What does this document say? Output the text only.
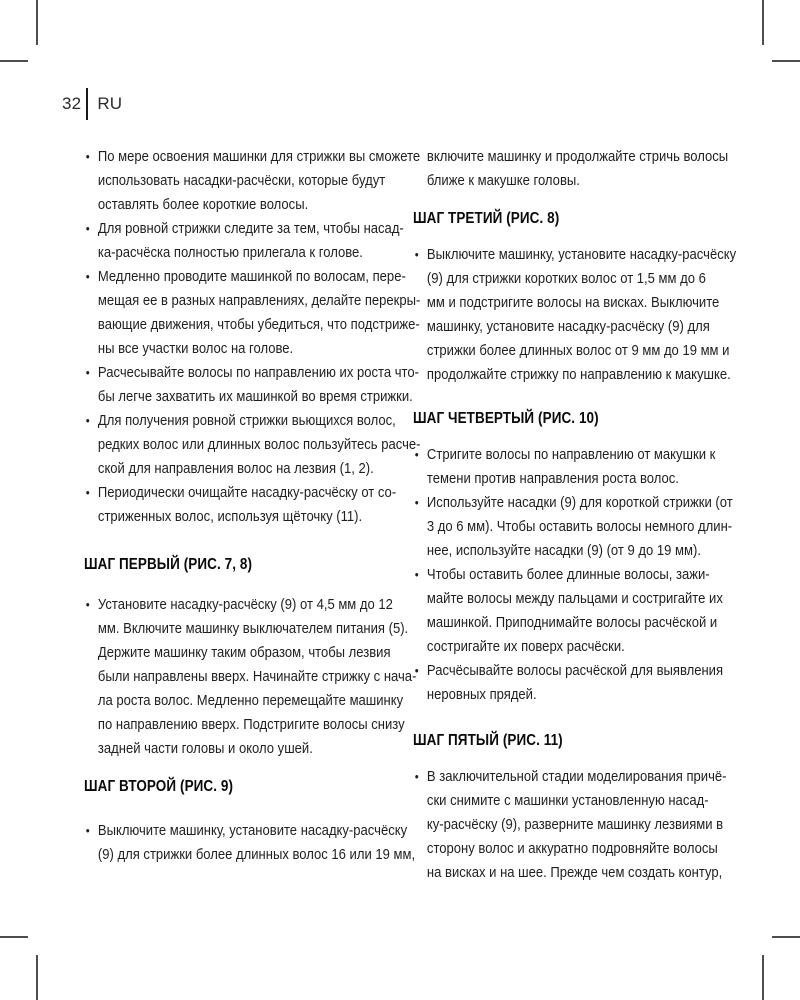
32 RU
• По мере освоения машинки для стрижки вы сможете
использовать насадки-расчёски, которые будут
оставлять более короткие волосы.
• Для ровной стрижки следите за тем, чтобы насад-
ка-расчёска полностью прилегала к голове.
• Медленно проводите машинкой по волосам, пере-
мещая ее в разных направлениях, делайте перекры-
вающие движения, чтобы убедиться, что подстриже-
ны все участки волос на голове.
• Расчесывайте волосы по направлению их роста что-
бы легче захватить их машинкой во время стрижки.
• Для получения ровной стрижки вьющихся волос,
редких волос или длинных волос пользуйтесь расче-
ской для направления волос на лезвия (1, 2).
• Периодически очищайте насадку-расчёску от со-
стриженных волос, используя щёточку (11).
ШАГ ПЕРВЫЙ (РИС. 7, 8)
• Установите насадку-расчёску (9) от 4,5 мм до 12
мм. Включите машинку выключателем питания (5).
Держите машинку таким образом, чтобы лезвия
были направлены вверх. Начинайте стрижку с нача-
ла роста волос. Медленно перемещайте машинку
по направлению вверх. Подстригите волосы снизу
задней части головы и около ушей.
ШАГ ВТОРОЙ (РИС. 9)
• Выключите машинку, установите насадку-расчёску
(9) для стрижки более длинных волос 16 или 19 мм,

включите машинку и продолжайте стричь волосы
ближе к макушке головы.

ШАГ ТРЕТИЙ (РИС. 8)
• Выключите машинку, установите насадку-расчёску
(9) для стрижки коротких волос от 1,5 мм до 6
мм и подстригите волосы на висках. Выключите
машинку, установите насадку-расчёску (9) для
стрижки более длинных волос от 9 мм до 19 мм и
продолжайте стрижку по направлению к макушке.
ШАГ ЧЕТВЕРТЫЙ (РИС. 10)
• Стригите волосы по направлению от макушки к
темени против направления роста волос.
• Используйте насадки (9) для короткой стрижки (от
3 до 6 мм). Чтобы оставить волосы немного длин-
нее, используйте насадки (9) (от 9 до 19 мм).
• Чтобы оставить более длинные волосы, зажи-
майте волосы между пальцами и состригайте их
машинкой. Приподнимайте волосы расчёской и
состригайте их поверх расчёски.
• Расчёсывайте волосы расчёской для выявления
неровных прядей.
ШАГ ПЯТЫЙ (РИС. 11)
• В заключительной стадии моделирования причё-
ски снимите с машинки установленную насад-
ку-расчёску (9), разверните машинку лезвиями в
сторону волос и аккуратно подровняйте волосы
на висках и на шее. Прежде чем создать контур,
